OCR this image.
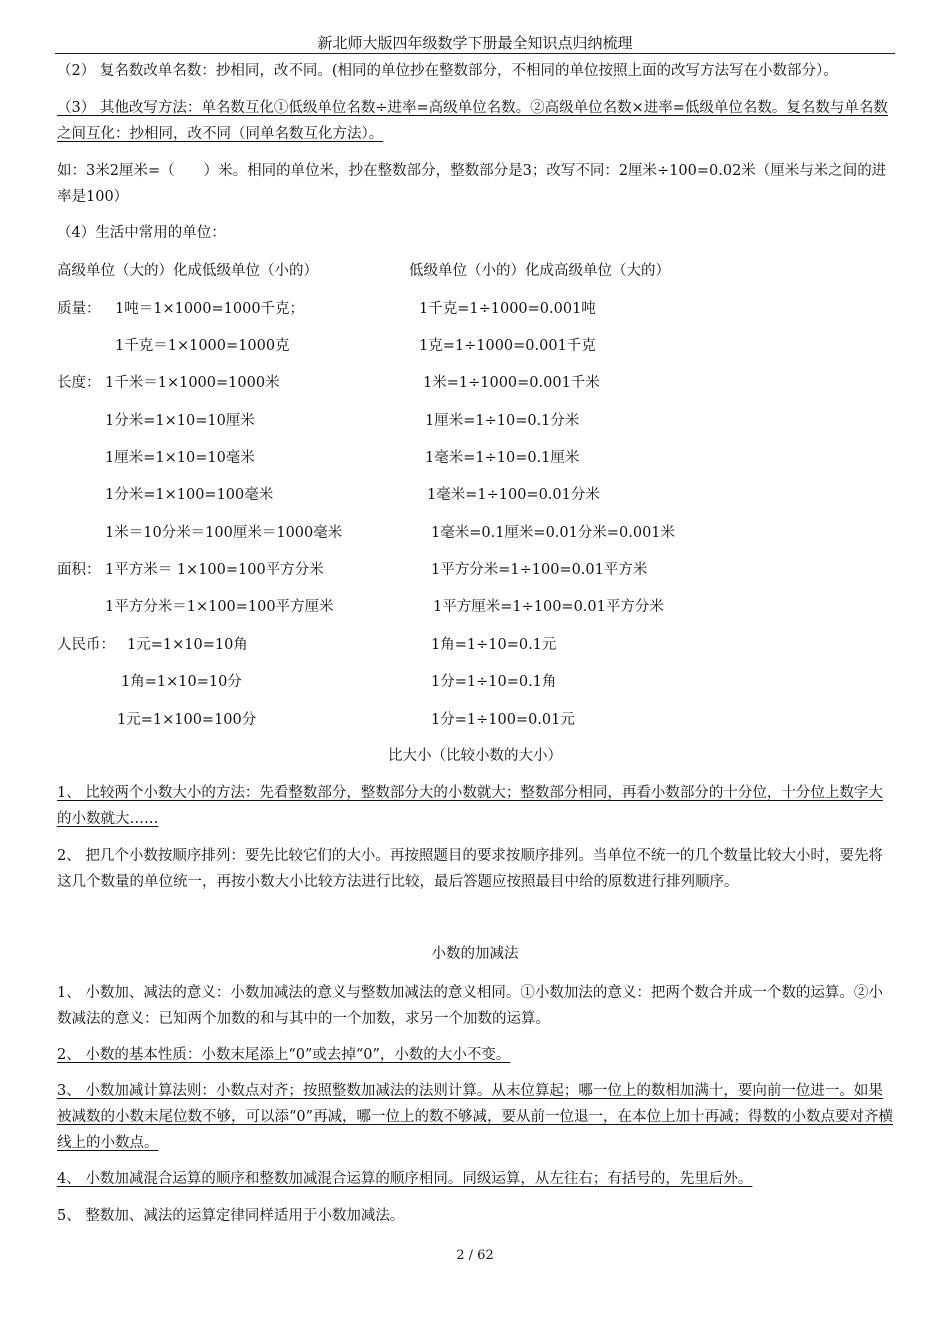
新北师大版四年级数学下册最全知识点归纳梳理
（2） 复名数改单名数：抄相同，改不同。(相同的单位抄在整数部分，不相同的单位按照上面的改写方法写在小数部分）。
（3） 其他改写方法：单名数互化①低级单位名数÷进率=高级单位名数。②高级单位名数×进率=低级单位名数。复名数与单名数之间互化：抄相同，改不同（同单名数互化方法）。
如：3米2厘米=（　　）米。相同的单位米，抄在整数部分，整数部分是3；改写不同：2厘米÷100=0.02米（厘米与米之间的进率是100）
（4）生活中常用的单位：
高级单位（大的）化成低级单位（小的）	低级单位（小的）化成高级单位（大的）
质量： 1吨＝1×1000=1000千克；	1千克=1÷1000=0.001吨
1千克＝1×1000=1000克	1克=1÷1000=0.001千克
长度： 1千米＝1×1000=1000米	1米=1÷1000=0.001千米
1分米=1×10=10厘米	1厘米=1÷10=0.1分米
1厘米=1×10=10毫米	1毫米=1÷10=0.1厘米
1分米=1×100=100毫米	1毫米=1÷100=0.01分米
1米＝10分米＝100厘米＝1000毫米	1毫米=0.1厘米=0.01分米=0.001米
面积： 1平方米＝ 1×100=100平方分米	1平方分米=1÷100=0.01平方米
1平方分米＝1×100=100平方厘米	1平方厘米=1÷100=0.01平方分米
人民币： 1元=1×10=10角	1角=1÷10=0.1元
1角=1×10=10分	1分=1÷10=0.1角
1元=1×100=100分	1分=1÷100=0.01元
比大小（比较小数的大小）
1、 比较两个小数大小的方法：先看整数部分，整数部分大的小数就大；整数部分相同，再看小数部分的十分位，十分位上数字大的小数就大……
2、 把几个小数按顺序排列：要先比较它们的大小。再按照题目的要求按顺序排列。当单位不统一的几个数量比较大小时，要先将这几个数量的单位统一，再按小数大小比较方法进行比较，最后答题应按照最目中给的原数进行排列顺序。
小数的加减法
1、 小数加、减法的意义：小数加减法的意义与整数加减法的意义相同。①小数加法的意义：把两个数合并成一个数的运算。②小数减法的意义：已知两个加数的和与其中的一个加数，求另一个加数的运算。
2、 小数的基本性质：小数末尾添上“0”或去掉“0”，小数的大小不变。
3、 小数加减计算法则：小数点对齐；按照整数加减法的法则计算。从末位算起；哪一位上的数相加满十，要向前一位进一。如果被减数的小数末尾位数不够，可以添“0”再减，哪一位上的数不够减，要从前一位退一，在本位上加十再减；得数的小数点要对齐横线上的小数点。
4、 小数加减混合运算的顺序和整数加减混合运算的顺序相同。同级运算，从左往右；有括号的，先里后外。
5、 整数加、减法的运算定律同样适用于小数加减法。
2 / 62
